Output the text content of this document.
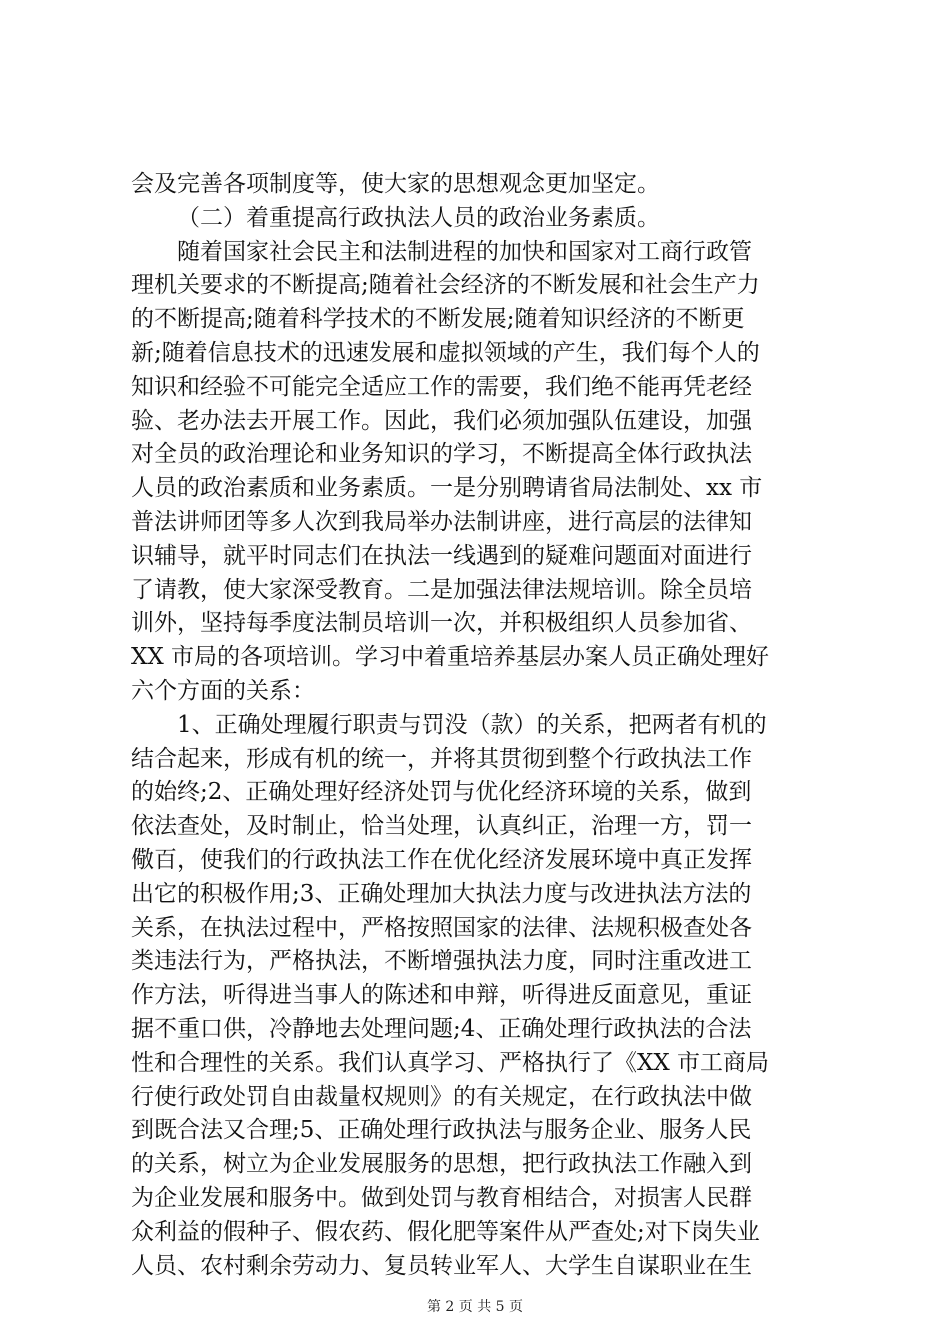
会及完善各项制度等，使大家的思想观念更加坚定。
（二）着重提高行政执法人员的政治业务素质。
随着国家社会民主和法制进程的加快和国家对工商行政管
理机关要求的不断提高;随着社会经济的不断发展和社会生产力
的不断提高;随着科学技术的不断发展;随着知识经济的不断更
新;随着信息技术的迅速发展和虚拟领域的产生，我们每个人的
知识和经验不可能完全适应工作的需要，我们绝不能再凭老经
验、老办法去开展工作。因此，我们必须加强队伍建设，加强
对全员的政治理论和业务知识的学习，不断提高全体行政执法
人员的政治素质和业务素质。一是分别聘请省局法制处、xx 市
普法讲师团等多人次到我局举办法制讲座，进行高层的法律知
识辅导，就平时同志们在执法一线遇到的疑难问题面对面进行
了请教，使大家深受教育。二是加强法律法规培训。除全员培
训外，坚持每季度法制员培训一次，并积极组织人员参加省、
XX 市局的各项培训。学习中着重培养基层办案人员正确处理好
六个方面的关系：
1、正确处理履行职责与罚没（款）的关系，把两者有机的
结合起来，形成有机的统一，并将其贯彻到整个行政执法工作
的始终;2、正确处理好经济处罚与优化经济环境的关系，做到
依法查处，及时制止，恰当处理，认真纠正，治理一方，罚一
儆百，使我们的行政执法工作在优化经济发展环境中真正发挥
出它的积极作用;3、正确处理加大执法力度与改进执法方法的
关系，在执法过程中，严格按照国家的法律、法规积极查处各
类违法行为，严格执法，不断增强执法力度，同时注重改进工
作方法，听得进当事人的陈述和申辩，听得进反面意见，重证
据不重口供，冷静地去处理问题;4、正确处理行政执法的合法
性和合理性的关系。我们认真学习、严格执行了《XX 市工商局
行使行政处罚自由裁量权规则》的有关规定，在行政执法中做
到既合法又合理;5、正确处理行政执法与服务企业、服务人民
的关系，树立为企业发展服务的思想，把行政执法工作融入到
为企业发展和服务中。做到处罚与教育相结合，对损害人民群
众利益的假种子、假农药、假化肥等案件从严查处;对下岗失业
人员、农村剩余劳动力、复员转业军人、大学生自谋职业在生
第 2 页 共 5 页
